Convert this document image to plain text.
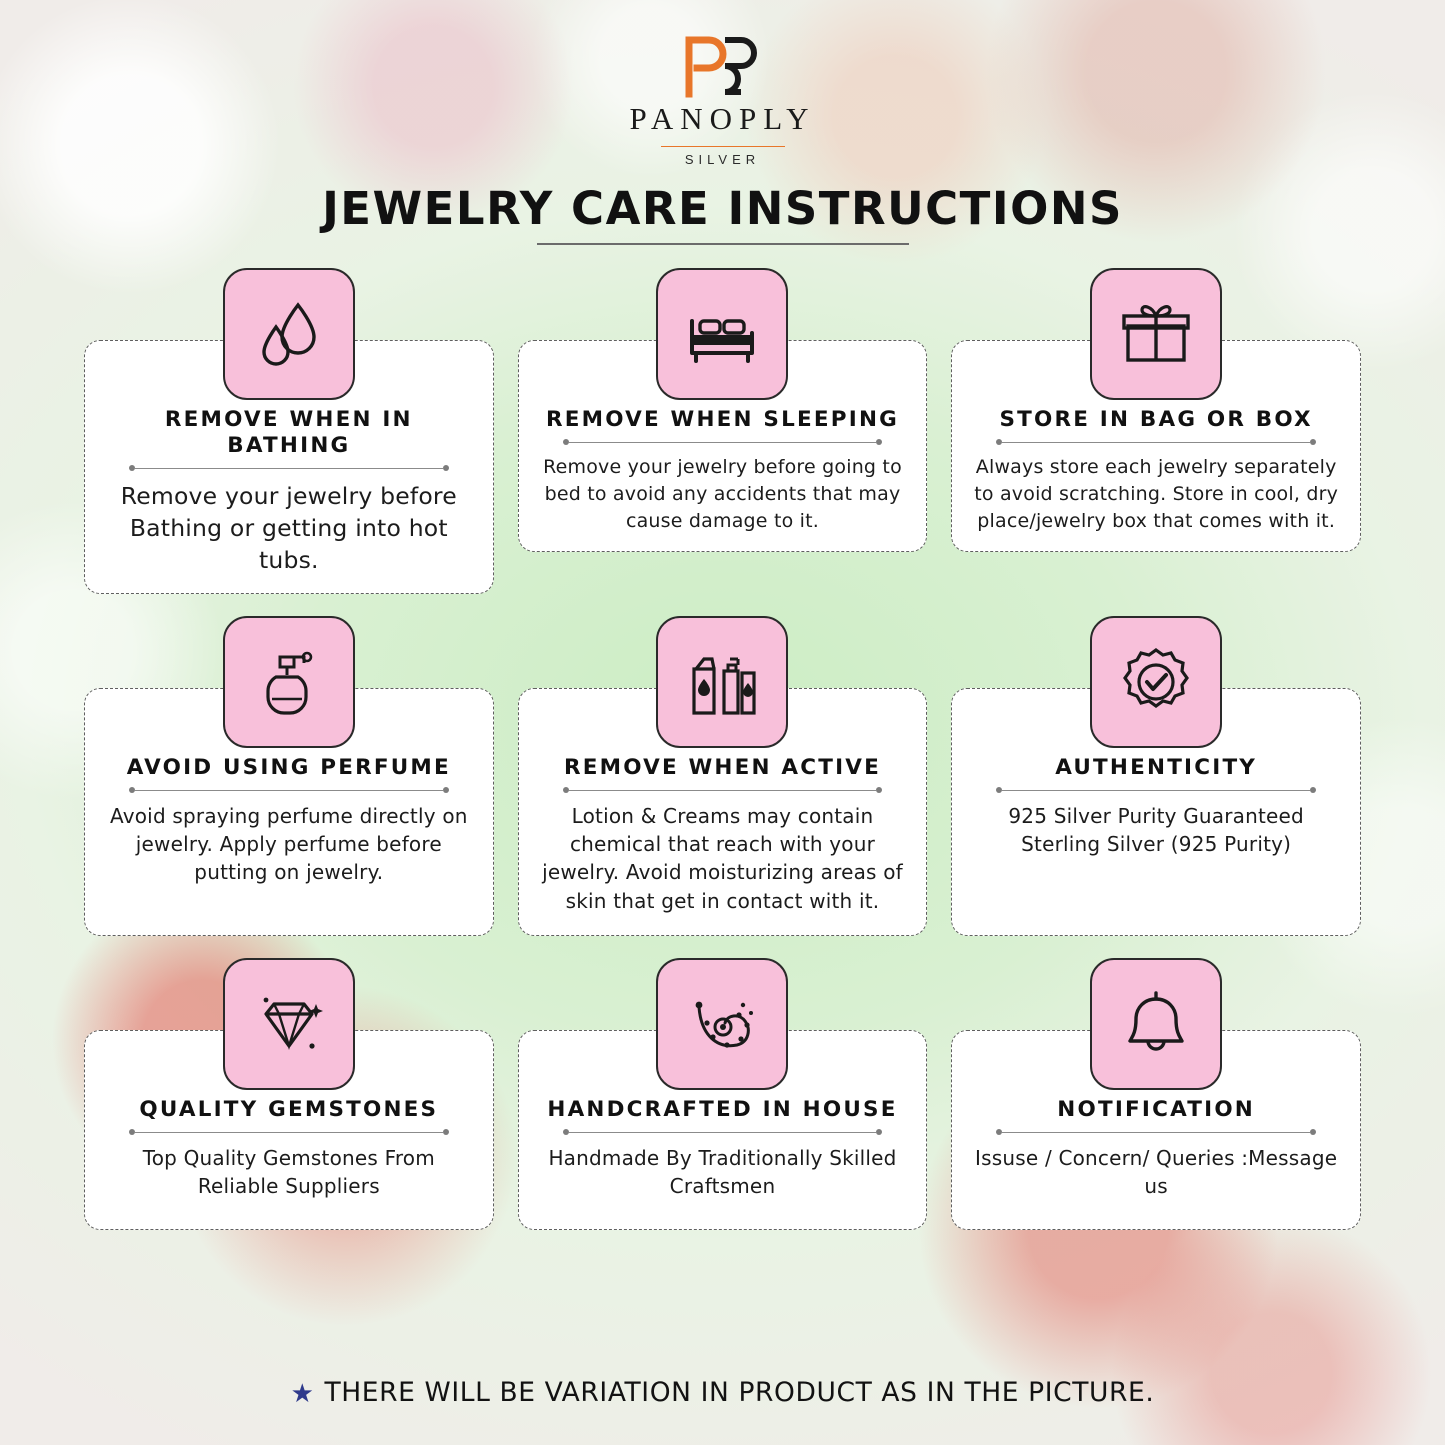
PANOPLY
SILVER
JEWELRY CARE INSTRUCTIONS
REMOVE WHEN IN BATHING
Remove your jewelry before Bathing or getting into hot tubs.
REMOVE WHEN SLEEPING
Remove your jewelry before going to bed to avoid any accidents that may cause damage to it.
STORE IN BAG OR BOX
Always store each jewelry separately to avoid scratching. Store in cool, dry place/jewelry box that comes with it.
AVOID USING PERFUME
Avoid spraying perfume directly on jewelry. Apply perfume before putting on jewelry.
REMOVE WHEN ACTIVE
Lotion & Creams may contain chemical that reach with your jewelry. Avoid moisturizing areas of skin that get in contact with it.
AUTHENTICITY
925 Silver Purity Guaranteed Sterling Silver (925 Purity)
QUALITY GEMSTONES
Top Quality Gemstones From Reliable Suppliers
HANDCRAFTED IN HOUSE
Handmade By Traditionally Skilled Craftsmen
NOTIFICATION
Issuse / Concern/ Queries :Message us
★ THERE WILL BE VARIATION IN PRODUCT AS IN THE PICTURE.
